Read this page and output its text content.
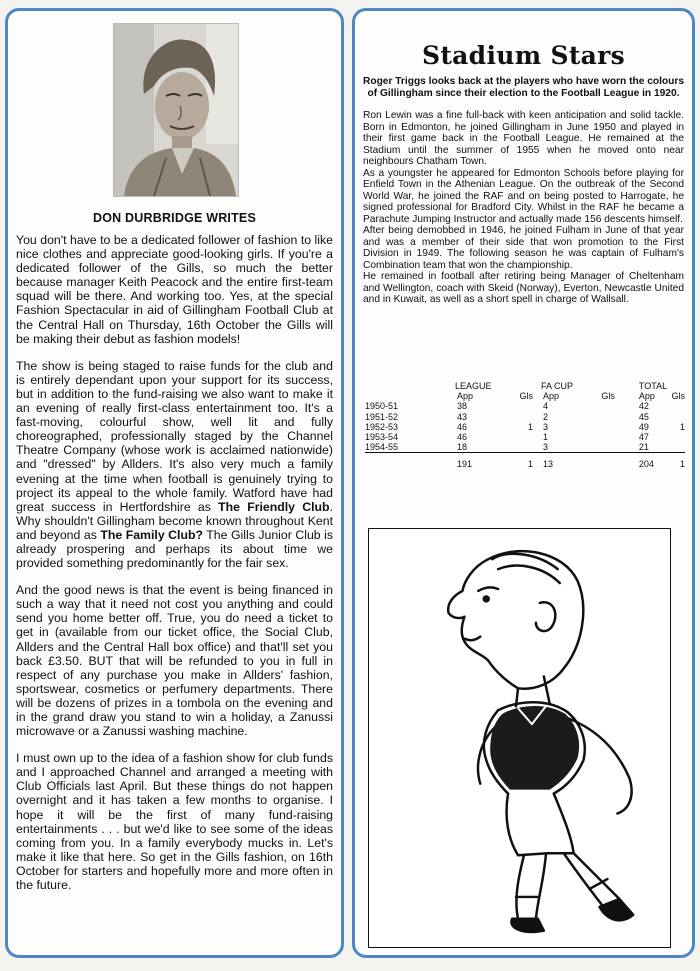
DON DURBRIDGE WRITES

You don't have to be a dedicated follower of fashion to like nice clothes and appreciate good-looking girls. If you're a dedicated follower of the Gills, so much the better because manager Keith Peacock and the entire first-team squad will be there. And working too. Yes, at the special Fashion Spectacular in aid of Gillingham Football Club at the Central Hall on Thursday, 16th October the Gills will be making their debut as fashion models!

The show is being staged to raise funds for the club and is entirely dependant upon your support for its success, but in addition to the fund-raising we also want to make it an evening of really first-class entertainment too. It's a fast-moving, colourful show, well lit and fully choreographed, professionally staged by the Channel Theatre Company (whose work is acclaimed nationwide) and "dressed" by Allders. It's also very much a family evening at the time when football is genuinely trying to project its appeal to the whole family. Watford have had great success in Hertfordshire as The Friendly Club. Why shouldn't Gillingham become known throughout Kent and beyond as The Family Club? The Gills Junior Club is already prospering and perhaps its about time we provided something predominantly for the fair sex.

And the good news is that the event is being financed in such a way that it need not cost you anything and could send you home better off. True, you do need a ticket to get in (available from our ticket office, the Social Club, Allders and the Central Hall box office) and that'll set you back £3.50. BUT that will be refunded to you in full in respect of any purchase you make in Allders' fashion, sportswear, cosmetics or perfumery departments. There will be dozens of prizes in a tombola on the evening and in the grand draw you stand to win a holiday, a Zanussi microwave or a Zanussi washing machine.

I must own up to the idea of a fashion show for club funds and I approached Channel and arranged a meeting with Club Officials last April. But these things do not happen overnight and it has taken a few months to organise. I hope it will be the first of many fund-raising entertainments . . . but we'd like to see some of the ideas coming from you. In a family everybody mucks in. Let's make it like that here. So get in the Gills fashion, on 16th October for starters and hopefully more and more often in the future.

Stadium Stars
Roger Triggs looks back at the players who have worn the colours of Gillingham since their election to the Football League in 1920.

Ron Lewin was a fine full-back with keen anticipation and solid tackle. Born in Edmonton, he joined Gillingham in June 1950 and played in their first game back in the Football League. He remained at the Stadium until the summer of 1955 when he moved onto near neighbours Chatham Town.

As a youngster he appeared for Edmonton Schools before playing for Enfield Town in the Athenian League. On the outbreak of the Second World War, he joined the RAF and on being posted to Harrogate, he signed professional for Bradford City. Whilst in the RAF he became a Parachute Jumping Instructor and actually made 156 descents himself.

After being demobbed in 1946, he joined Fulham in June of that year and was a member of their side that won promotion to the First Division in 1949. The following season he was captain of Fulham's Combination team that won the championship.

He remained in football after retiring being Manager of Cheltenham and Wellington, coach with Skeid (Norway), Everton, Newcastle United and in Kuwait, as well as a short spell in charge of Wallsall.

	LEAGUE		FA CUP		TOTAL	
	App	Gls	App	Gls	App	Gls
1950-51	38		4		42	
1951-52	43		2		45	
1952-53	46	1	3		49	1
1953-54	46		1		47	
1954-55	18		3		21	

	191	1	13		204	1
